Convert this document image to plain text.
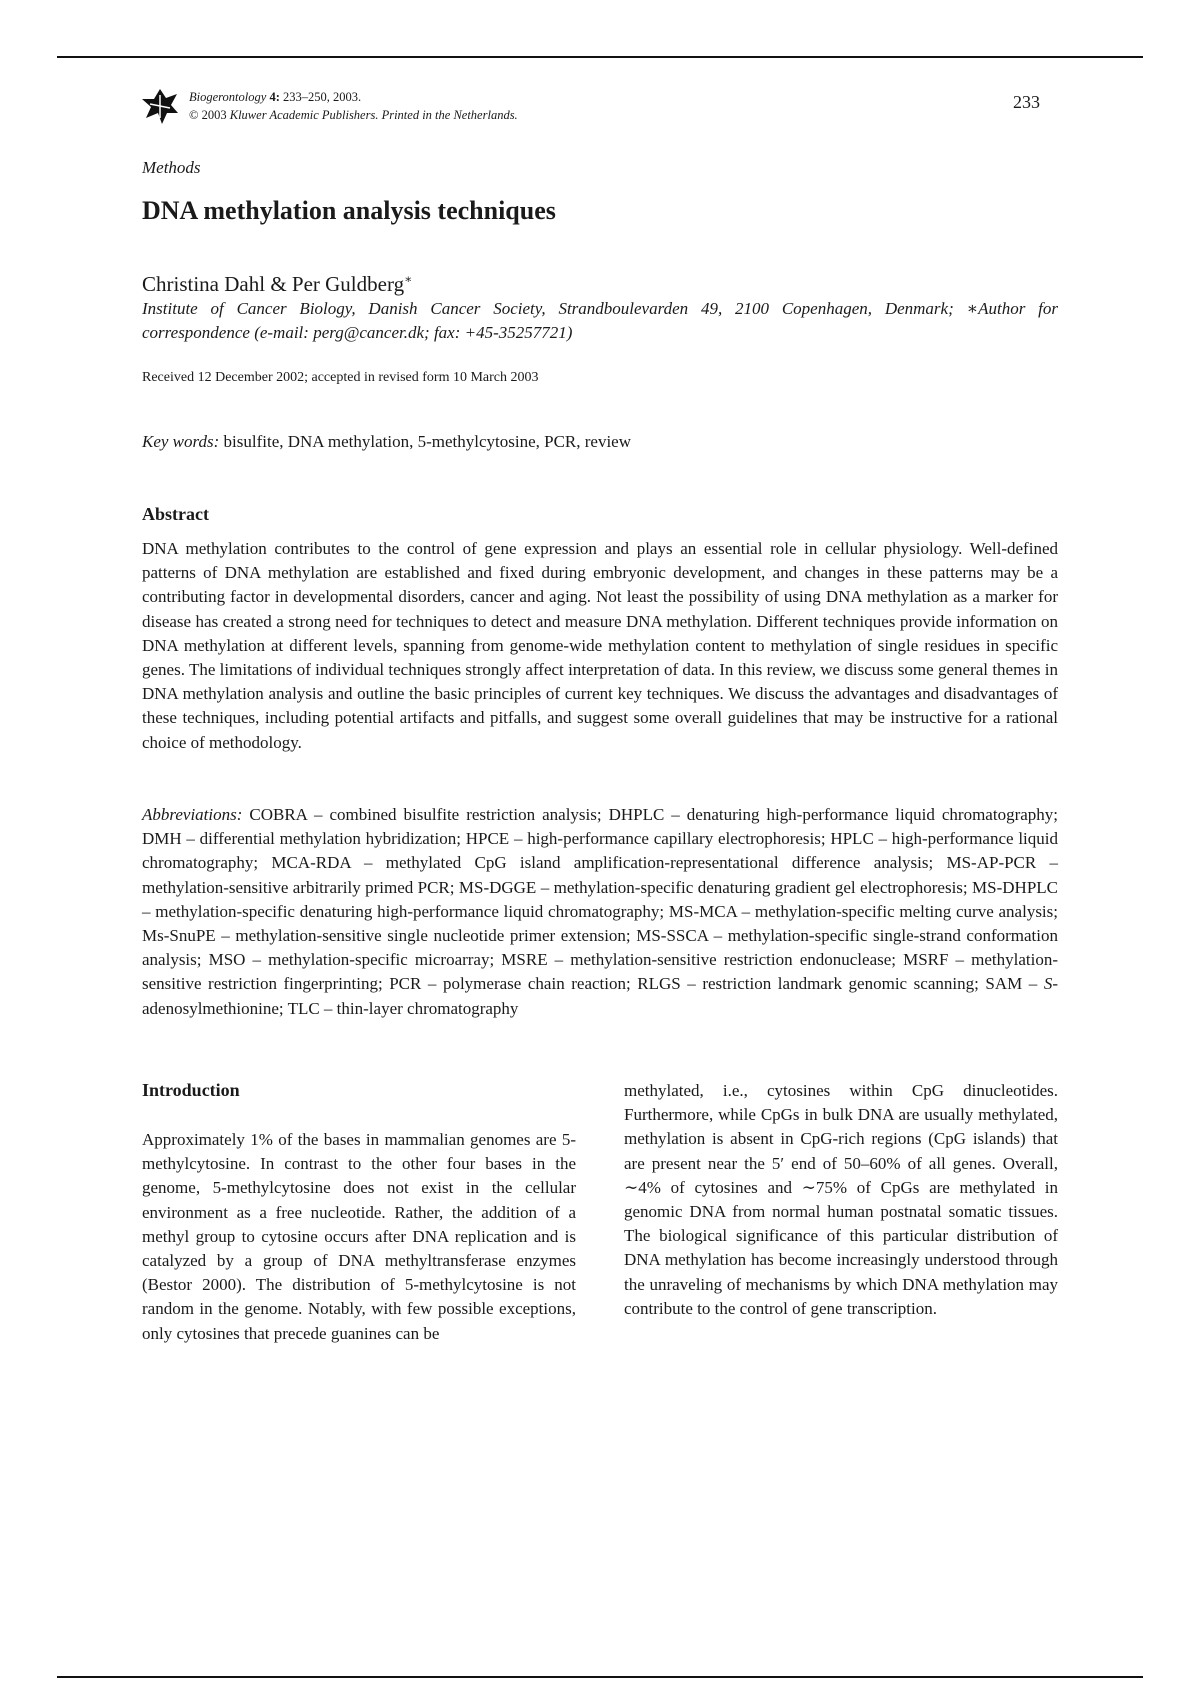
Biogerontology 4: 233–250, 2003.
© 2003 Kluwer Academic Publishers. Printed in the Netherlands.
233
Methods
DNA methylation analysis techniques
Christina Dahl & Per Guldberg∗
Institute of Cancer Biology, Danish Cancer Society, Strandboulevarden 49, 2100 Copenhagen, Denmark; ∗Author for correspondence (e-mail: perg@cancer.dk; fax: +45-35257721)
Received 12 December 2002; accepted in revised form 10 March 2003
Key words: bisulfite, DNA methylation, 5-methylcytosine, PCR, review
Abstract

DNA methylation contributes to the control of gene expression and plays an essential role in cellular physiology. Well-defined patterns of DNA methylation are established and fixed during embryonic development, and changes in these patterns may be a contributing factor in developmental disorders, cancer and aging. Not least the possibility of using DNA methylation as a marker for disease has created a strong need for techniques to detect and measure DNA methylation. Different techniques provide information on DNA methylation at different levels, spanning from genome-wide methylation content to methylation of single residues in specific genes. The limitations of individual techniques strongly affect interpretation of data. In this review, we discuss some general themes in DNA methylation analysis and outline the basic principles of current key techniques. We discuss the advantages and disadvantages of these techniques, including potential artifacts and pitfalls, and suggest some overall guidelines that may be instructive for a rational choice of methodology.

Abbreviations: COBRA – combined bisulfite restriction analysis; DHPLC – denaturing high-performance liquid chromatography; DMH – differential methylation hybridization; HPCE – high-performance capillary electrophoresis; HPLC – high-performance liquid chromatography; MCA-RDA – methylated CpG island amplification-representational difference analysis; MS-AP-PCR – methylation-sensitive arbitrarily primed PCR; MS-DGGE – methylation-specific denaturing gradient gel electrophoresis; MS-DHPLC – methylation-specific denaturing high-performance liquid chromatography; MS-MCA – methylation-specific melting curve analysis; Ms-SnuPE – methylation-sensitive single nucleotide primer extension; MS-SSCA – methylation-specific single-strand conformation analysis; MSO – methylation-specific microarray; MSRE – methylation-sensitive restriction endonuclease; MSRF – methylation-sensitive restriction fingerprinting; PCR – polymerase chain reaction; RLGS – restriction landmark genomic scanning; SAM – S-adenosylmethionine; TLC – thin-layer chromatography

Introduction

Approximately 1% of the bases in mammalian genomes are 5-methylcytosine. In contrast to the other four bases in the genome, 5-methylcytosine does not exist in the cellular environment as a free nucleotide. Rather, the addition of a methyl group to cytosine occurs after DNA replication and is catalyzed by a group of DNA methyltransferase enzymes (Bestor 2000). The distribution of 5-methylcytosine is not random in the genome. Notably, with few possible exceptions, only cytosines that precede guanines can be

methylated, i.e., cytosines within CpG dinucleotides. Furthermore, while CpGs in bulk DNA are usually methylated, methylation is absent in CpG-rich regions (CpG islands) that are present near the 5′ end of 50–60% of all genes. Overall, ∼4% of cytosines and ∼75% of CpGs are methylated in genomic DNA from normal human postnatal somatic tissues. The biological significance of this particular distribution of DNA methylation has become increasingly understood through the unraveling of mechanisms by which DNA methylation may contribute to the control of gene transcription.
